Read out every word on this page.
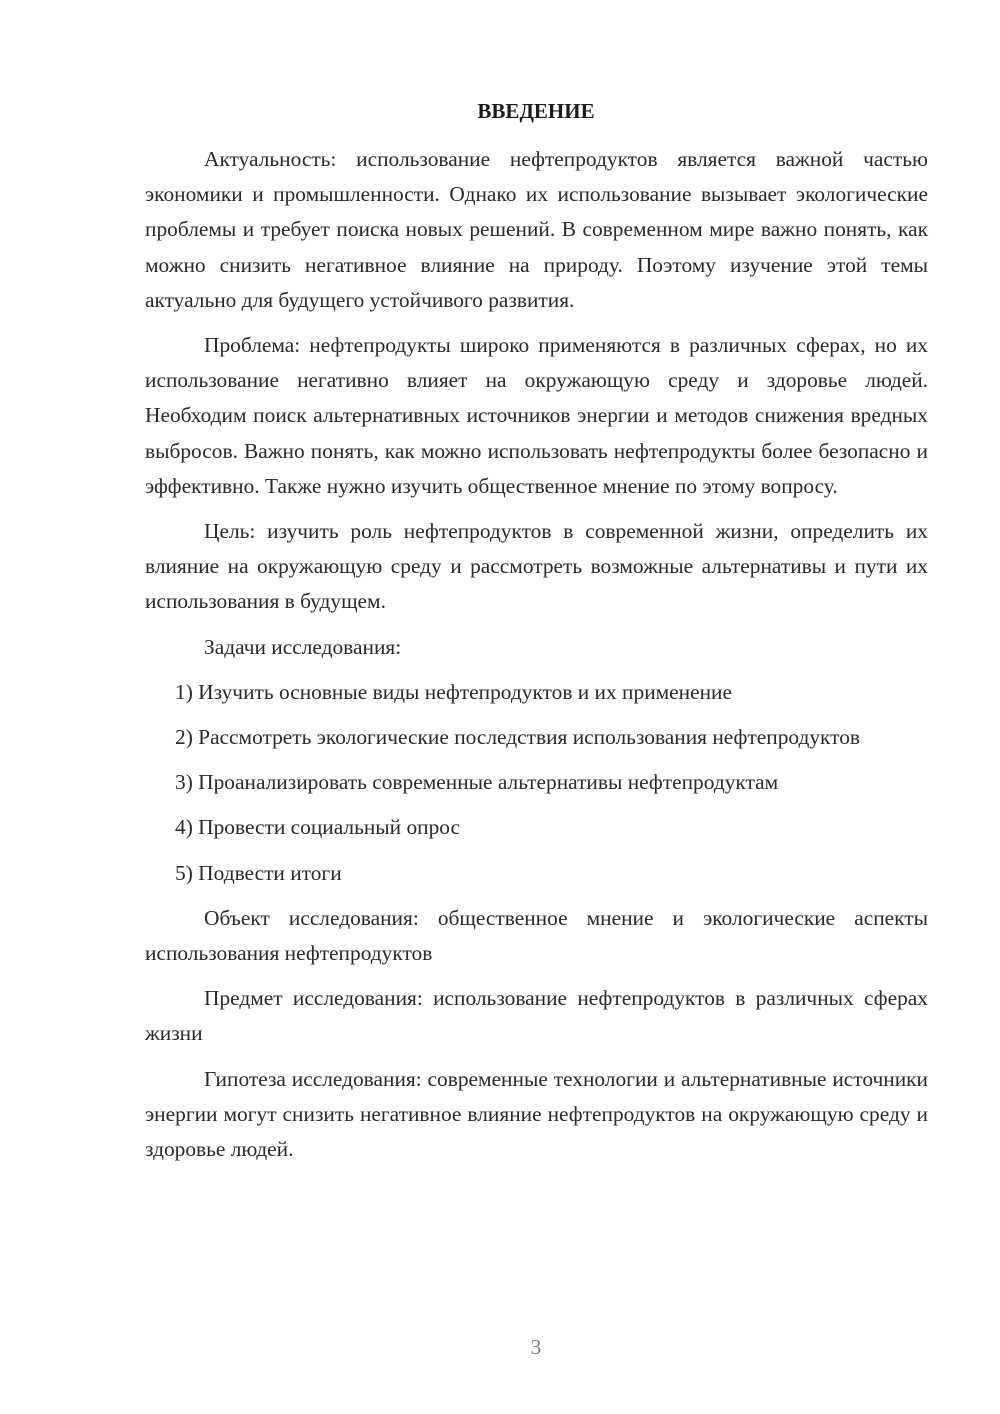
ВВЕДЕНИЕ

Актуальность: использование нефтепродуктов является важной частью экономики и промышленности. Однако их использование вызывает экологические проблемы и требует поиска новых решений. В современном мире важно понять, как можно снизить негативное влияние на природу. Поэтому изучение этой темы актуально для будущего устойчивого развития.

Проблема: нефтепродукты широко применяются в различных сферах, но их использование негативно влияет на окружающую среду и здоровье людей. Необходим поиск альтернативных источников энергии и методов снижения вредных выбросов. Важно понять, как можно использовать нефтепродукты более безопасно и эффективно. Также нужно изучить общественное мнение по этому вопросу.

Цель: изучить роль нефтепродуктов в современной жизни, определить их влияние на окружающую среду и рассмотреть возможные альтернативы и пути их использования в будущем.

Задачи исследования:

1) Изучить основные виды нефтепродуктов и их применение

2) Рассмотреть экологические последствия использования нефтепродуктов

3) Проанализировать современные альтернативы нефтепродуктам

4) Провести социальный опрос

5) Подвести итоги

Объект исследования: общественное мнение и экологические аспекты использования нефтепродуктов

Предмет исследования: использование нефтепродуктов в различных сферах жизни

Гипотеза исследования: современные технологии и альтернативные источники энергии могут снизить негативное влияние нефтепродуктов на окружающую среду и здоровье людей.

3
